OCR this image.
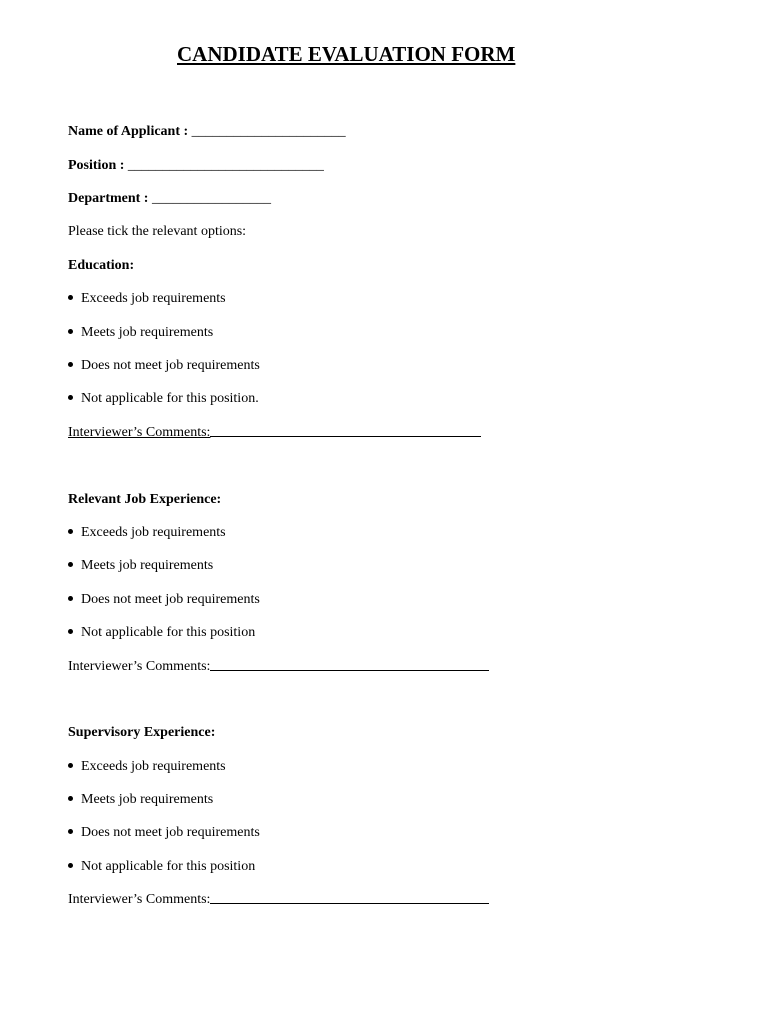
CANDIDATE EVALUATION FORM
Name of Applicant : ______________________
Position : ____________________________
Department : _________________
Please tick the relevant options:
Education:
Exceeds job requirements
Meets job requirements
Does not meet job requirements
Not applicable for this position.
Interviewer’s Comments:
Relevant Job Experience:
Exceeds job requirements
Meets job requirements
Does not meet job requirements
Not applicable for this position
Interviewer’s Comments:
Supervisory Experience:
Exceeds job requirements
Meets job requirements
Does not meet job requirements
Not applicable for this position
Interviewer’s Comments:
